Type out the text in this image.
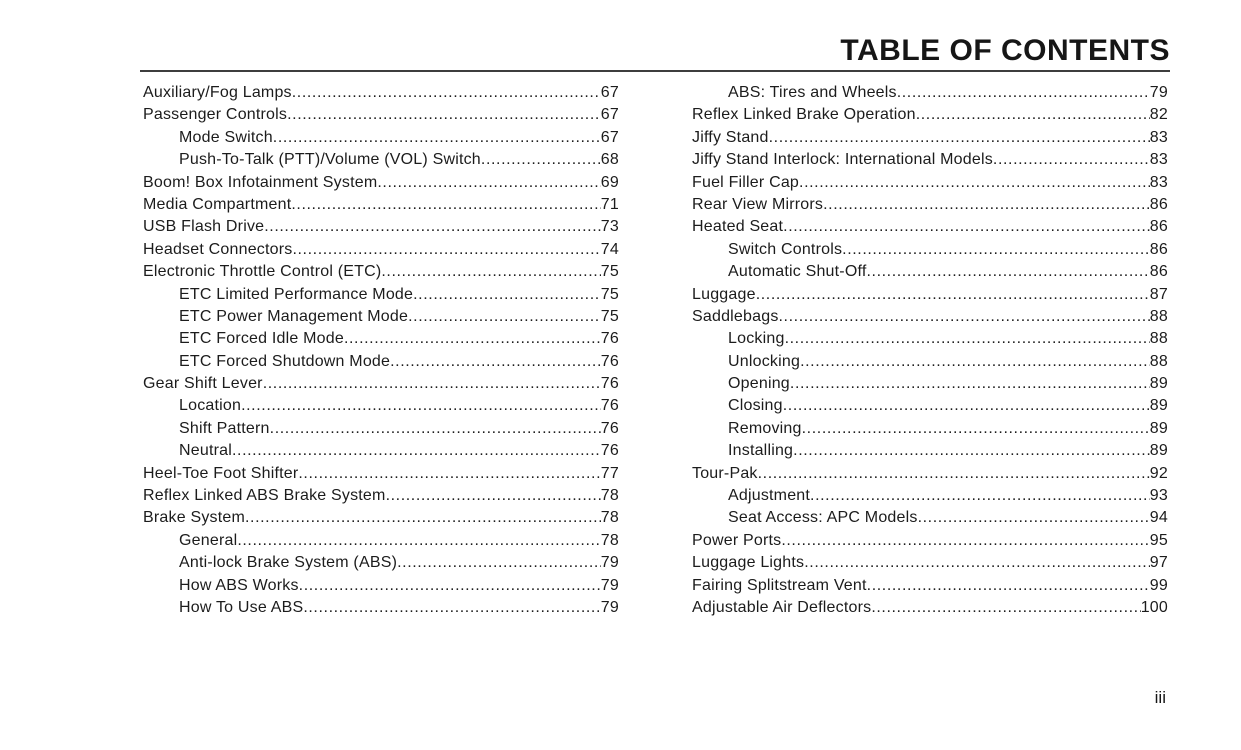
TABLE OF CONTENTS
Auxiliary/Fog Lamps .....	67
Passenger Controls .....	67
Mode Switch .....	67
Push-To-Talk (PTT)/Volume (VOL) Switch .....	68
Boom! Box Infotainment System .....	69
Media Compartment .....	71
USB Flash Drive .....	73
Headset Connectors .....	74
Electronic Throttle Control (ETC) .....	75
ETC Limited Performance Mode .....	75
ETC Power Management Mode .....	75
ETC Forced Idle Mode .....	76
ETC Forced Shutdown Mode .....	76
Gear Shift Lever .....	76
Location .....	76
Shift Pattern .....	76
Neutral .....	76
Heel-Toe Foot Shifter .....	77
Reflex Linked ABS Brake System .....	78
Brake System .....	78
General .....	78
Anti-lock Brake System (ABS) .....	79
How ABS Works .....	79
How To Use ABS .....	79
ABS: Tires and Wheels .....	79
Reflex Linked Brake Operation .....	82
Jiffy Stand .....	83
Jiffy Stand Interlock: International Models .....	83
Fuel Filler Cap .....	83
Rear View Mirrors .....	86
Heated Seat .....	86
Switch Controls .....	86
Automatic Shut-Off .....	86
Luggage .....	87
Saddlebags .....	88
Locking .....	88
Unlocking .....	88
Opening .....	89
Closing .....	89
Removing .....	89
Installing .....	89
Tour-Pak .....	92
Adjustment .....	93
Seat Access: APC Models .....	94
Power Ports .....	95
Luggage Lights .....	97
Fairing Splitstream Vent .....	99
Adjustable Air Deflectors .....	100
iii
